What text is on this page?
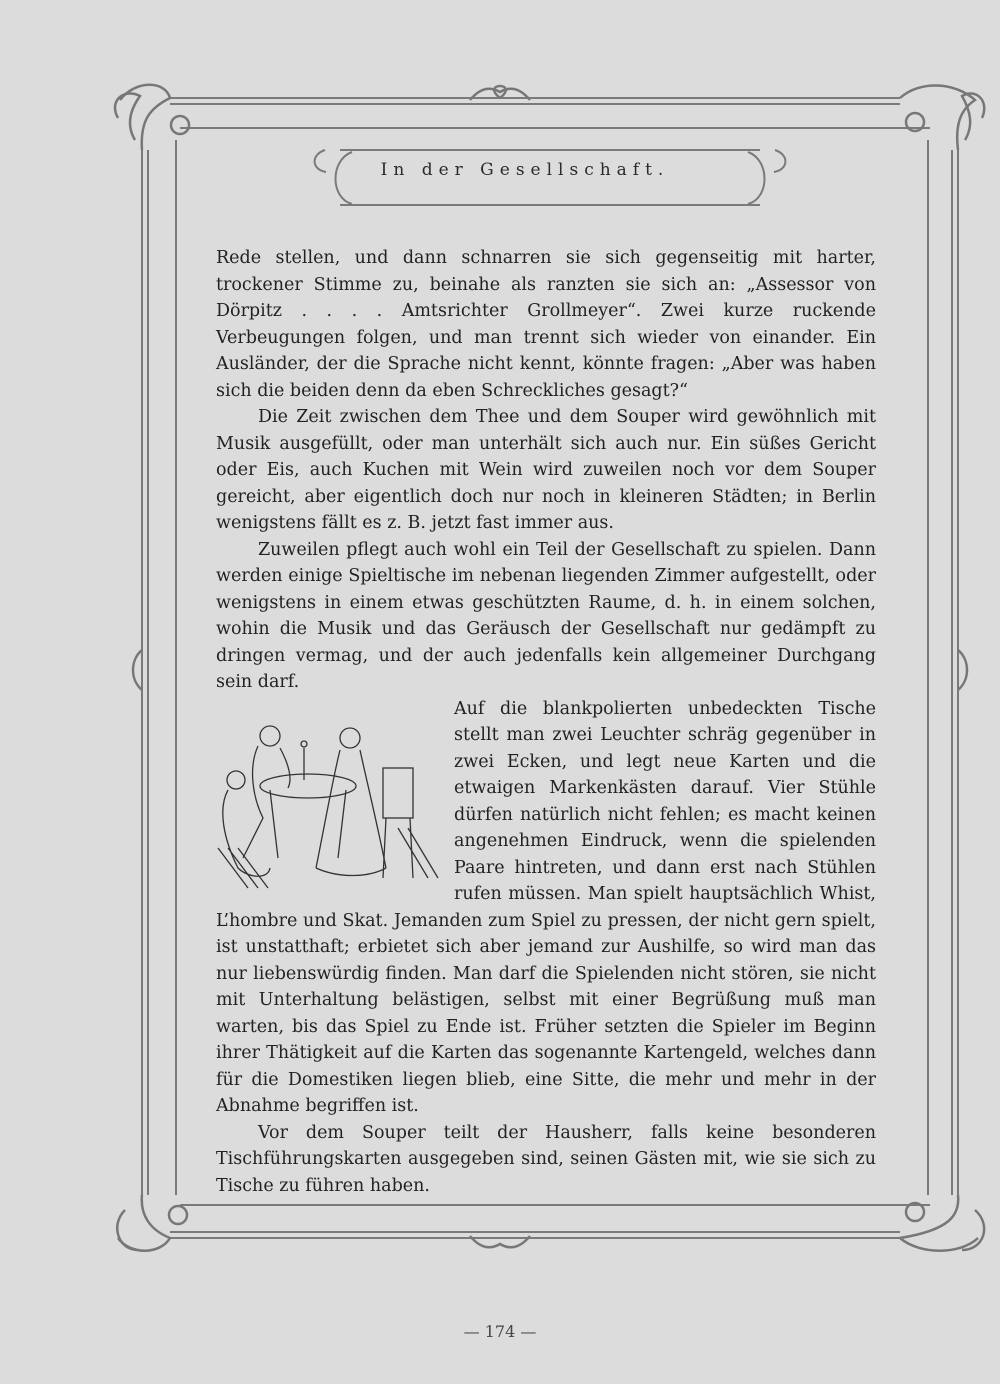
In der Gesellschaft.

Rede stellen, und dann schnarren sie sich gegenseitig mit harter, trockener Stimme zu, beinahe als ranzten sie sich an: „Assessor von Dörpitz . . . . Amtsrichter Grollmeyer“. Zwei kurze ruckende Verbeugungen folgen, und man trennt sich wieder von einander. Ein Ausländer, der die Sprache nicht kennt, könnte fragen: „Aber was haben sich die beiden denn da eben Schreckliches gesagt?“

Die Zeit zwischen dem Thee und dem Souper wird gewöhnlich mit Musik ausgefüllt, oder man unterhält sich auch nur. Ein süßes Gericht oder Eis, auch Kuchen mit Wein wird zuweilen noch vor dem Souper gereicht, aber eigentlich doch nur noch in kleineren Städten; in Berlin wenigstens fällt es z. B. jetzt fast immer aus.

Zuweilen pflegt auch wohl ein Teil der Gesellschaft zu spielen. Dann werden einige Spieltische im nebenan liegenden Zimmer aufgestellt, oder wenigstens in einem etwas geschützten Raume, d. h. in einem solchen, wohin die Musik und das Geräusch der Gesellschaft nur gedämpft zu dringen vermag, und der auch jedenfalls kein allgemeiner Durchgang sein darf.

Auf die blankpolierten unbedeckten Tische stellt man zwei Leuchter schräg gegenüber in zwei Ecken, und legt neue Karten und die etwaigen Markenkästen darauf. Vier Stühle dürfen natürlich nicht fehlen; es macht keinen angenehmen Eindruck, wenn die spielenden Paare hintreten, und dann erst nach Stühlen rufen müssen. Man spielt hauptsächlich Whist, L’hombre und Skat. Jemanden zum Spiel zu pressen, der nicht gern spielt, ist unstatthaft; erbietet sich aber jemand zur Aushilfe, so wird man das nur liebenswürdig finden. Man darf die Spielenden nicht stören, sie nicht mit Unterhaltung belästigen, selbst mit einer Begrüßung muß man warten, bis das Spiel zu Ende ist. Früher setzten die Spieler im Beginn ihrer Thätigkeit auf die Karten das sogenannte Kartengeld, welches dann für die Domestiken liegen blieb, eine Sitte, die mehr und mehr in der Abnahme begriffen ist.

Vor dem Souper teilt der Hausherr, falls keine besonderen Tischführungskarten ausgegeben sind, seinen Gästen mit, wie sie sich zu Tische zu führen haben.

— 174 —
